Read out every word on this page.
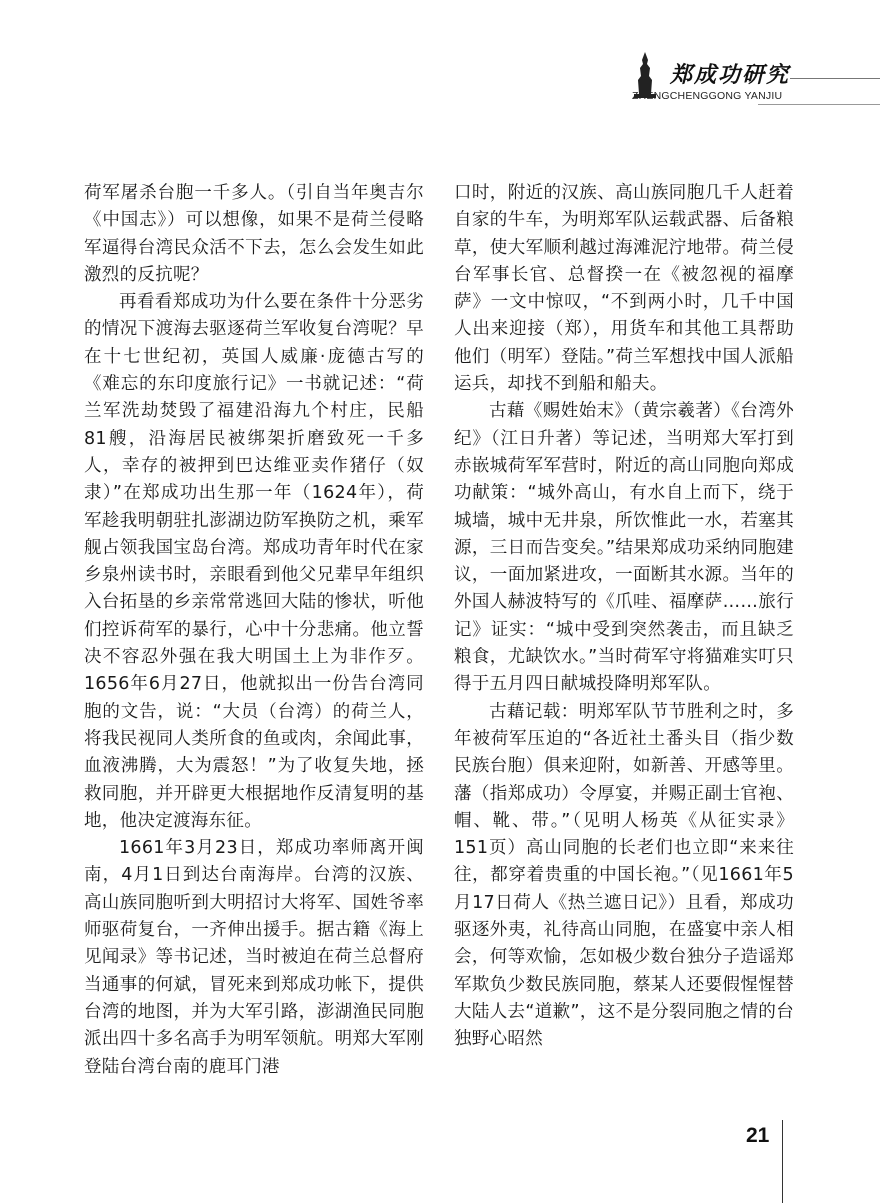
郑成功研究
ZHENGCHENGGONG YANJIU

荷军屠杀台胞一千多人。（引自当年奥吉尔《中国志》）可以想像，如果不是荷兰侵略军逼得台湾民众活不下去，怎么会发生如此激烈的反抗呢？

再看看郑成功为什么要在条件十分恶劣的情况下渡海去驱逐荷兰军收复台湾呢？早在十七世纪初，英国人威廉·庞德古写的《难忘的东印度旅行记》一书就记述：“荷兰军洗劫焚毁了福建沿海九个村庄，民船81艘，沿海居民被绑架折磨致死一千多人，幸存的被押到巴达维亚卖作猪仔（奴隶）”在郑成功出生那一年（1624年），荷军趁我明朝驻扎澎湖边防军换防之机，乘军舰占领我国宝岛台湾。郑成功青年时代在家乡泉州读书时，亲眼看到他父兄辈早年组织入台拓垦的乡亲常常逃回大陆的惨状，听他们控诉荷军的暴行，心中十分悲痛。他立誓决不容忍外强在我大明国土上为非作歹。1656年6月27日，他就拟出一份告台湾同胞的文告，说：“大员（台湾）的荷兰人，将我民视同人类所食的鱼或肉，余闻此事，血液沸腾，大为震怒！”为了收复失地，拯救同胞，并开辟更大根据地作反清复明的基地，他决定渡海东征。

1661年3月23日，郑成功率师离开闽南，4月1日到达台南海岸。台湾的汉族、高山族同胞听到大明招讨大将军、国姓爷率师驱荷复台，一齐伸出援手。据古籍《海上见闻录》等书记述，当时被迫在荷兰总督府当通事的何斌，冒死来到郑成功帐下，提供台湾的地图，并为大军引路，澎湖渔民同胞派出四十多名高手为明军领航。明郑大军刚登陆台湾台南的鹿耳门港

口时，附近的汉族、高山族同胞几千人赶着自家的牛车，为明郑军队运载武器、后备粮草，使大军顺利越过海滩泥泞地带。荷兰侵台军事长官、总督揆一在《被忽视的福摩萨》一文中惊叹，“不到两小时，几千中国人出来迎接（郑），用货车和其他工具帮助他们（明军）登陆。”荷兰军想找中国人派船运兵，却找不到船和船夫。

古藉《赐姓始末》（黄宗羲著）《台湾外纪》（江日升著）等记述，当明郑大军打到赤嵌城荷军军营时，附近的高山同胞向郑成功献策：“城外高山，有水自上而下，绕于城墙，城中无井泉，所饮惟此一水，若塞其源，三日而告变矣。”结果郑成功采纳同胞建议，一面加紧进攻，一面断其水源。当年的外国人赫波特写的《爪哇、福摩萨……旅行记》证实：“城中受到突然袭击，而且缺乏粮食，尤缺饮水。”当时荷军守将猫难实叮只得于五月四日献城投降明郑军队。

古藉记载：明郑军队节节胜利之时，多年被荷军压迫的“各近社土番头目（指少数民族台胞）俱来迎附，如新善、开感等里。藩（指郑成功）令厚宴，并赐正副士官袍、帽、靴、带。”（见明人杨英《从征实录》151页）高山同胞的长老们也立即“来来往往，都穿着贵重的中国长袍。”（见1661年5月17日荷人《热兰遮日记》）且看，郑成功驱逐外夷，礼待高山同胞，在盛宴中亲人相会，何等欢愉，怎如极少数台独分子造谣郑军欺负少数民族同胞，蔡某人还要假惺惺替大陆人去“道歉”，这不是分裂同胞之情的台独野心昭然

21
